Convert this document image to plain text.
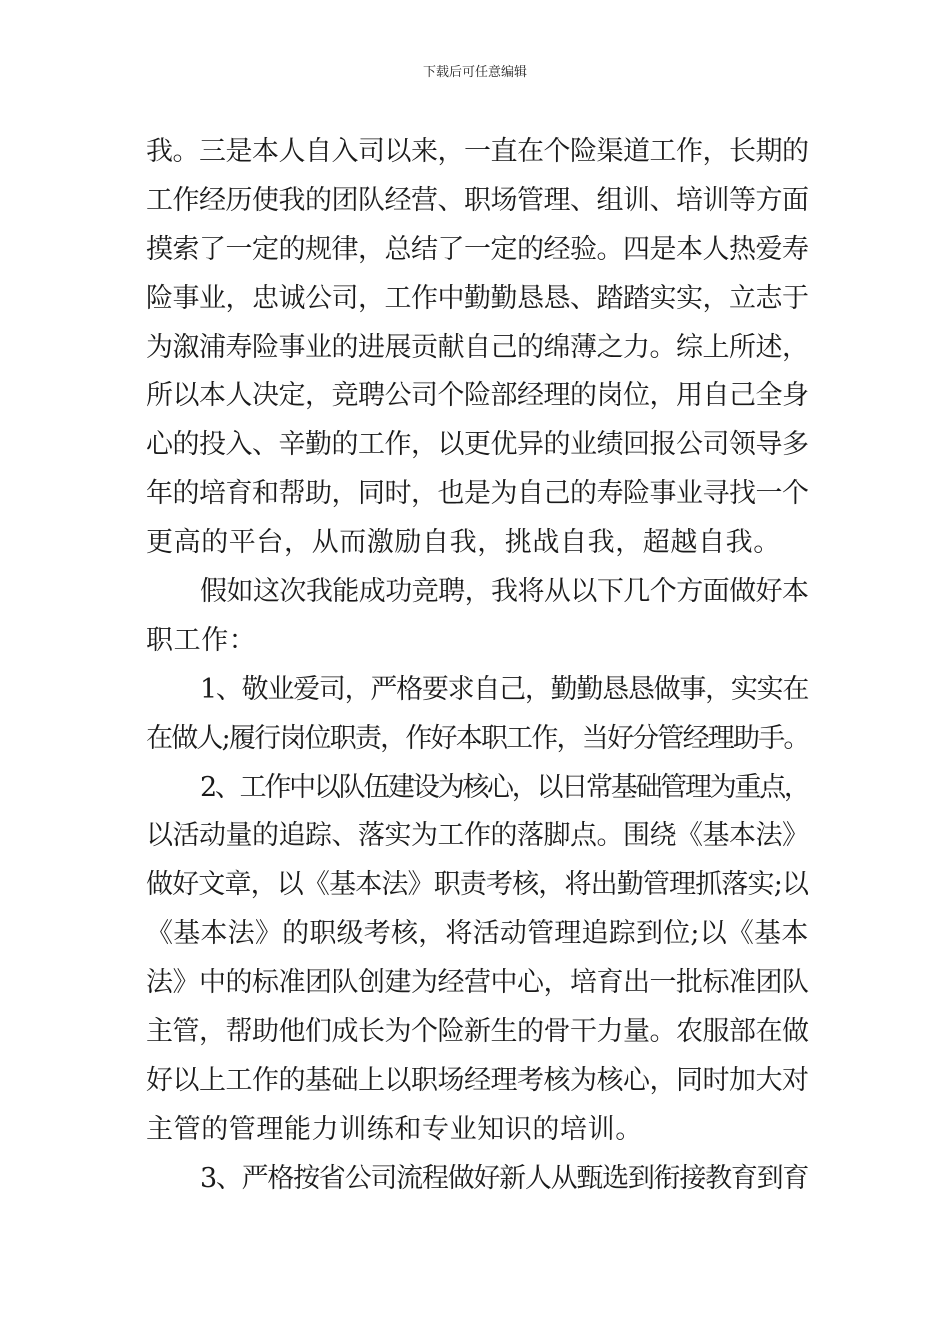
下载后可任意编辑
我。三是本人自入司以来，一直在个险渠道工作，长期的
工作经历使我的团队经营、职场管理、组训、培训等方面
摸索了一定的规律，总结了一定的经验。四是本人热爱寿
险事业，忠诚公司，工作中勤勤恳恳、踏踏实实，立志于
为溆浦寿险事业的进展贡献自己的绵薄之力。综上所述，
所以本人决定，竞聘公司个险部经理的岗位，用自己全身
心的投入、辛勤的工作，以更优异的业绩回报公司领导多
年的培育和帮助，同时，也是为自己的寿险事业寻找一个
更高的平台，从而激励自我，挑战自我，超越自我。
假如这次我能成功竞聘，我将从以下几个方面做好本
职工作：
1、敬业爱司，严格要求自己，勤勤恳恳做事，实实在
在做人;履行岗位职责，作好本职工作，当好分管经理助手。
2、工作中以队伍建设为核心，以日常基础管理为重点，
以活动量的追踪、落实为工作的落脚点。围绕《基本法》
做好文章，以《基本法》职责考核，将出勤管理抓落实;以
《基本法》的职级考核，将活动管理追踪到位;以《基本
法》中的标准团队创建为经营中心，培育出一批标准团队
主管，帮助他们成长为个险新生的骨干力量。农服部在做
好以上工作的基础上以职场经理考核为核心，同时加大对
主管的管理能力训练和专业知识的培训。
3、严格按省公司流程做好新人从甄选到衔接教育到育
